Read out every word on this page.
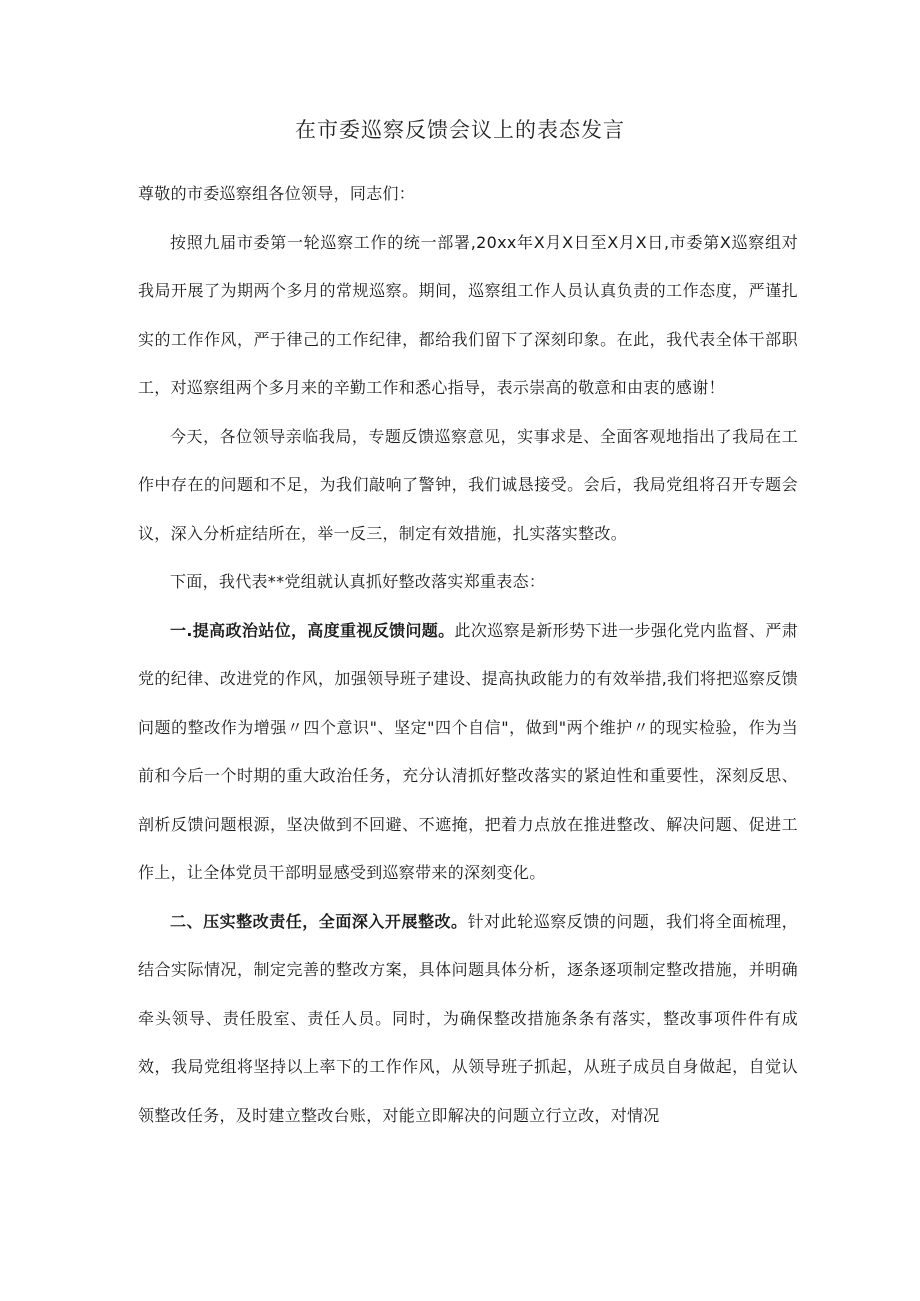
在市委巡察反馈会议上的表态发言

尊敬的市委巡察组各位领导，同志们：

按照九届市委第一轮巡察工作的统一部署,20xx年X月X日至X月X日,市委第X巡察组对我局开展了为期两个多月的常规巡察。期间，巡察组工作人员认真负责的工作态度，严谨扎实的工作作风，严于律己的工作纪律，都给我们留下了深刻印象。在此，我代表全体干部职工，对巡察组两个多月来的辛勤工作和悉心指导，表示崇高的敬意和由衷的感谢！

今天，各位领导亲临我局，专题反馈巡察意见，实事求是、全面客观地指出了我局在工作中存在的问题和不足，为我们敲响了警钟，我们诚恳接受。会后，我局党组将召开专题会议，深入分析症结所在，举一反三，制定有效措施，扎实落实整改。

下面，我代表**党组就认真抓好整改落实郑重表态：

一.提高政治站位，高度重视反馈问题。此次巡察是新形势下进一步强化党内监督、严肃党的纪律、改进党的作风，加强领导班子建设、提高执政能力的有效举措,我们将把巡察反馈问题的整改作为增强〃四个意识"、坚定"四个自信"，做到"两个维护〃的现实检验，作为当前和今后一个时期的重大政治任务，充分认清抓好整改落实的紧迫性和重要性，深刻反思、剖析反馈问题根源，坚决做到不回避、不遮掩，把着力点放在推进整改、解决问题、促进工作上，让全体党员干部明显感受到巡察带来的深刻变化。

二、压实整改责任，全面深入开展整改。针对此轮巡察反馈的问题，我们将全面梳理，结合实际情况，制定完善的整改方案，具体问题具体分析，逐条逐项制定整改措施，并明确牵头领导、责任股室、责任人员。同时，为确保整改措施条条有落实，整改事项件件有成效，我局党组将坚持以上率下的工作作风，从领导班子抓起，从班子成员自身做起，自觉认领整改任务，及时建立整改台账，对能立即解决的问题立行立改，对情况
